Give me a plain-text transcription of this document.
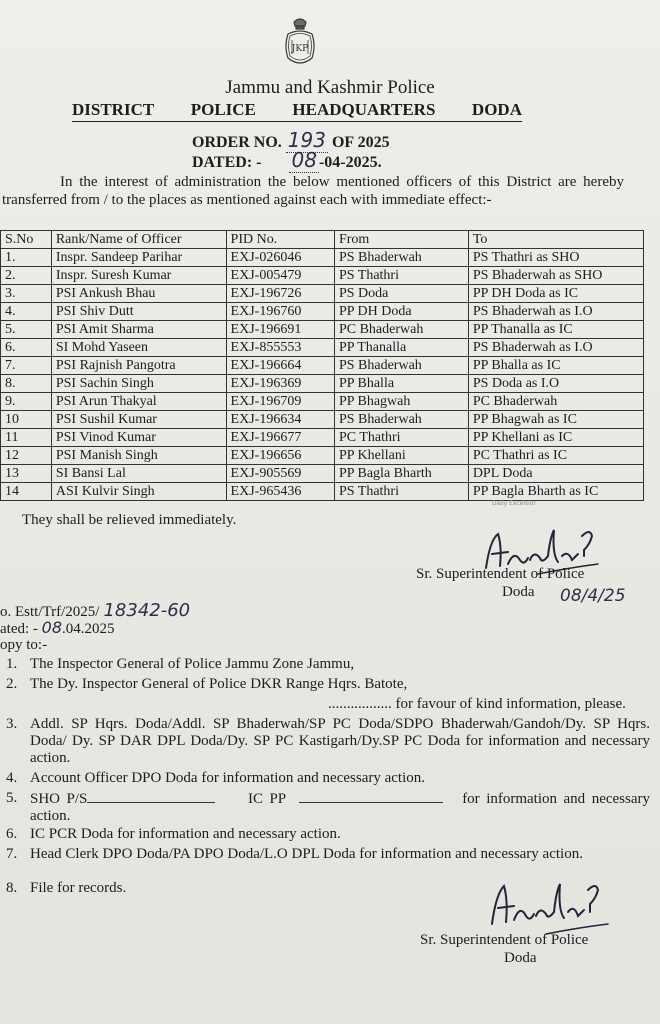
JKP
Jammu and Kashmir Police
DISTRICT POLICE HEADQUARTERS DODA
ORDER NO. 193 OF 2025
DATED: - 08 -04-2025.
In the interest of administration the below mentioned officers of this District are hereby transferred from / to the places as mentioned against each with immediate effect:-
S.No	Rank/Name of Officer	PID No.	From	To
1.	Inspr. Sandeep Parihar	EXJ-026046	PS Bhaderwah	PS Thathri as SHO
2.	Inspr. Suresh Kumar	EXJ-005479	PS Thathri	PS Bhaderwah as SHO
3.	PSI Ankush Bhau	EXJ-196726	PS Doda	PP DH Doda as IC
4.	PSI Shiv Dutt	EXJ-196760	PP DH Doda	PS Bhaderwah as I.O
5.	PSI Amit Sharma	EXJ-196691	PC Bhaderwah	PP Thanalla as IC
6.	SI Mohd Yaseen	EXJ-855553	PP Thanalla	PS Bhaderwah as I.O
7.	PSI Rajnish Pangotra	EXJ-196664	PS Bhaderwah	PP Bhalla as IC
8.	PSI Sachin Singh	EXJ-196369	PP Bhalla	PS Doda as I.O
9.	PSI Arun Thakyal	EXJ-196709	PP Bhagwah	PC Bhaderwah
10	PSI Sushil Kumar	EXJ-196634	PS Bhaderwah	PP Bhagwah as IC
11	PSI Vinod Kumar	EXJ-196677	PC Thathri	PP Khellani as IC
12	PSI Manish Singh	EXJ-196656	PP Khellani	PC Thathri as IC
13	SI Bansi Lal	EXJ-905569	PP Bagla Bharth	DPL Doda
14	ASI Kulvir Singh	EXJ-965436	PS Thathri	PP Bagla Bharth as IC
They shall be relieved immediately.
Daily Excelsior
Sr. Superintendent of Police
Doda 08/4/25
o. Estt/Trf/2025/ 18342-60
ated: - 08.04.2025
opy to:-
1. The Inspector General of Police Jammu Zone Jammu,
2. The Dy. Inspector General of Police DKR Range Hqrs. Batote,
................. for favour of kind information, please.
3. Addl. SP Hqrs. Doda/Addl. SP Bhaderwah/SP PC Doda/SDPO Bhaderwah/Gandoh/Dy. SP Hqrs. Doda/ Dy. SP DAR DPL Doda/Dy. SP PC Kastigarh/Dy.SP PC Doda for information and necessary action.
4. Account Officer DPO Doda for information and necessary action.
5. SHO P/S	IC PP	for information and necessary action.
6. IC PCR Doda for information and necessary action.
7. Head Clerk DPO Doda/PA DPO Doda/L.O DPL Doda for information and necessary action.
8. File for records.
Sr. Superintendent of Police
Doda
